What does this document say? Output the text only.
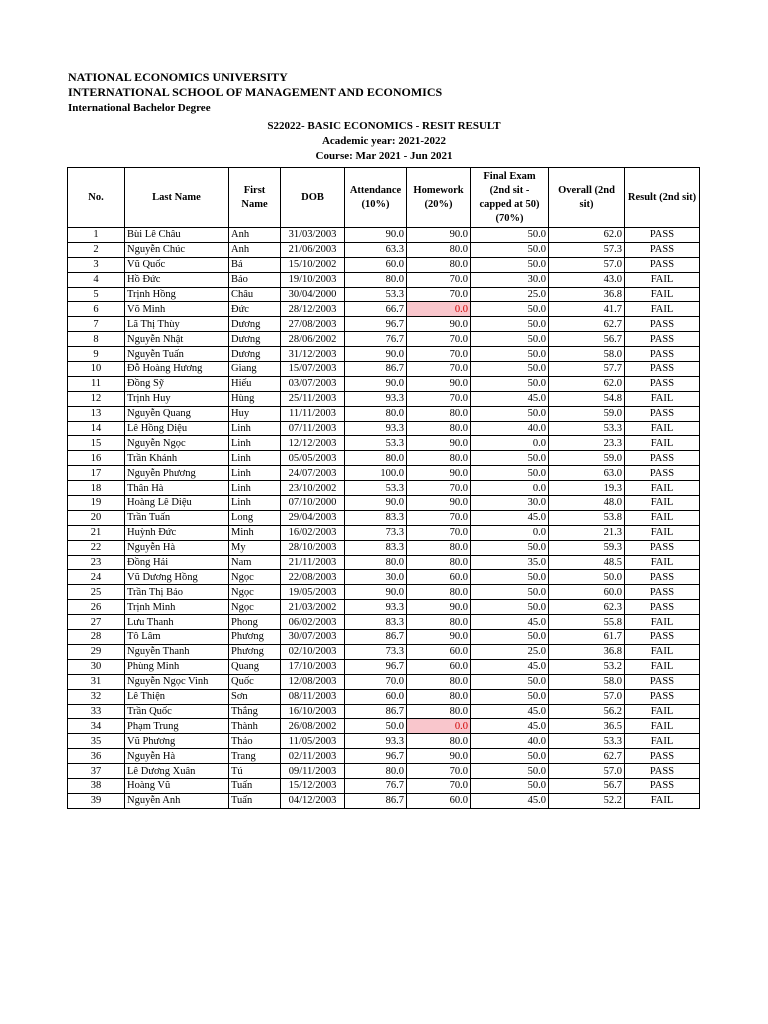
NATIONAL ECONOMICS UNIVERSITY
INTERNATIONAL SCHOOL OF MANAGEMENT AND ECONOMICS
International Bachelor Degree
S22022- BASIC ECONOMICS - RESIT RESULT
Academic year: 2021-2022
Course: Mar 2021 - Jun 2021
No.	Last Name	First Name	DOB	Attendance (10%)	Homework (20%)	Final Exam (2nd sit - capped at 50) (70%)	Overall (2nd sit)	Result (2nd sit)
1	Bùi Lê Châu	Anh	31/03/2003	90.0	90.0	50.0	62.0	PASS
2	Nguyễn Chúc	Anh	21/06/2003	63.3	80.0	50.0	57.3	PASS
3	Vũ Quốc	Bá	15/10/2002	60.0	80.0	50.0	57.0	PASS
4	Hồ Đức	Bảo	19/10/2003	80.0	70.0	30.0	43.0	FAIL
5	Trịnh Hồng	Châu	30/04/2000	53.3	70.0	25.0	36.8	FAIL
6	Võ Minh	Đức	28/12/2003	66.7	0.0	50.0	41.7	FAIL
7	Lã Thị Thùy	Dương	27/08/2003	96.7	90.0	50.0	62.7	PASS
8	Nguyễn Nhật	Dương	28/06/2002	76.7	70.0	50.0	56.7	PASS
9	Nguyễn Tuấn	Dương	31/12/2003	90.0	70.0	50.0	58.0	PASS
10	Đỗ Hoàng Hương	Giang	15/07/2003	86.7	70.0	50.0	57.7	PASS
11	Đồng Sỹ	Hiếu	03/07/2003	90.0	90.0	50.0	62.0	PASS
12	Trịnh Huy	Hùng	25/11/2003	93.3	70.0	45.0	54.8	FAIL
13	Nguyễn Quang	Huy	11/11/2003	80.0	80.0	50.0	59.0	PASS
14	Lê Hồng Diệu	Linh	07/11/2003	93.3	80.0	40.0	53.3	FAIL
15	Nguyễn Ngọc	Linh	12/12/2003	53.3	90.0	0.0	23.3	FAIL
16	Trần Khánh	Linh	05/05/2003	80.0	80.0	50.0	59.0	PASS
17	Nguyễn Phương	Linh	24/07/2003	100.0	90.0	50.0	63.0	PASS
18	Thân Hà	Linh	23/10/2002	53.3	70.0	0.0	19.3	FAIL
19	Hoàng Lê Diệu	Linh	07/10/2000	90.0	90.0	30.0	48.0	FAIL
20	Trần Tuấn	Long	29/04/2003	83.3	70.0	45.0	53.8	FAIL
21	Huỳnh Đức	Minh	16/02/2003	73.3	70.0	0.0	21.3	FAIL
22	Nguyễn Hà	My	28/10/2003	83.3	80.0	50.0	59.3	PASS
23	Đồng Hải	Nam	21/11/2003	80.0	80.0	35.0	48.5	FAIL
24	Vũ Dương Hồng	Ngọc	22/08/2003	30.0	60.0	50.0	50.0	PASS
25	Trần Thị Bảo	Ngọc	19/05/2003	90.0	80.0	50.0	60.0	PASS
26	Trịnh Minh	Ngọc	21/03/2002	93.3	90.0	50.0	62.3	PASS
27	Lưu Thanh	Phong	06/02/2003	83.3	80.0	45.0	55.8	FAIL
28	Tô Lâm	Phương	30/07/2003	86.7	90.0	50.0	61.7	PASS
29	Nguyễn Thanh	Phương	02/10/2003	73.3	60.0	25.0	36.8	FAIL
30	Phùng Minh	Quang	17/10/2003	96.7	60.0	45.0	53.2	FAIL
31	Nguyễn Ngọc Vinh	Quốc	12/08/2003	70.0	80.0	50.0	58.0	PASS
32	Lê Thiện	Sơn	08/11/2003	60.0	80.0	50.0	57.0	PASS
33	Trần Quốc	Thắng	16/10/2003	86.7	80.0	45.0	56.2	FAIL
34	Phạm Trung	Thành	26/08/2002	50.0	0.0	45.0	36.5	FAIL
35	Vũ Phương	Thảo	11/05/2003	93.3	80.0	40.0	53.3	FAIL
36	Nguyễn Hà	Trang	02/11/2003	96.7	90.0	50.0	62.7	PASS
37	Lê Dương Xuân	Tú	09/11/2003	80.0	70.0	50.0	57.0	PASS
38	Hoàng Vũ	Tuấn	15/12/2003	76.7	70.0	50.0	56.7	PASS
39	Nguyễn Anh	Tuấn	04/12/2003	86.7	60.0	45.0	52.2	FAIL
